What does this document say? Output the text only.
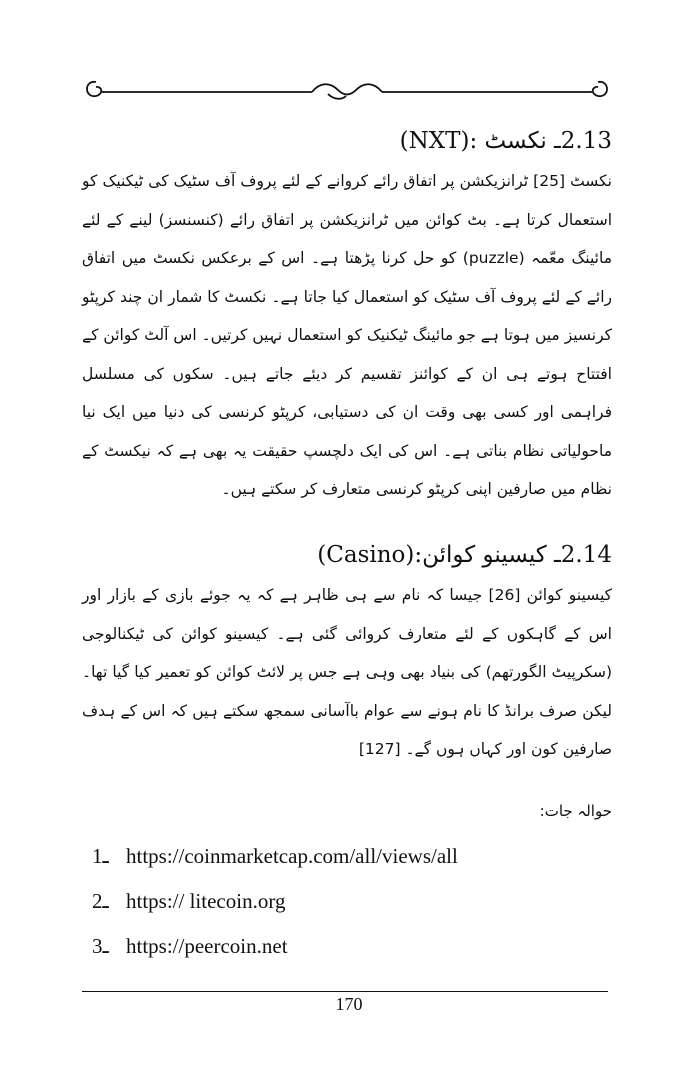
2.13ـ نکسٹ :(NXT)

نکسٹ [25] ٹرانزیکشن پر اتفاق رائے کروانے کے لئے پروف آف سٹیک کی ٹیکنیک کو استعمال کرتا ہے۔ بٹ کوائن میں ٹرانزیکشن پر اتفاق رائے (کنسنسز) لینے کے لئے مائینگ معّمہ (puzzle) کو حل کرنا پڑھتا ہے۔ اس کے برعکس نکسٹ میں اتفاق رائے کے لئے پروف آف سٹیک کو استعمال کیا جاتا ہے۔ نکسٹ کا شمار ان چند کرپٹو کرنسیز میں ہوتا ہے جو مائینگ ٹیکنیک کو استعمال نہیں کرتیں۔ اس آلٹ کوائن کے افتتاح ہوتے ہی ان کے کوائنز تقسیم کر دیئے جاتے ہیں۔ سکوں کی مسلسل فراہمی اور کسی بھی وقت ان کی دستیابی، کرپٹو کرنسی کی دنیا میں ایک نیا ماحولیاتی نظام بناتی ہے۔ اس کی ایک دلچسپ حقیقت یہ بھی ہے کہ نیکسٹ کے نظام میں صارفین اپنی کرپٹو کرنسی متعارف کر سکتے ہیں۔

2.14ـ کیسینو کوائن:(Casino)

کیسینو کوائن [26] جیسا کہ نام سے ہی ظاہر ہے کہ یہ جوئے بازی کے بازار اور اس کے گاہکوں کے لئے متعارف کروائی گئی ہے۔ کیسینو کوائن کی ٹیکنالوجی (سکرپیٹ الگورتھم) کی بنیاد بھی وہی ہے جس پر لائٹ کوائن کو تعمیر کیا گیا تھا۔ لیکن صرف برانڈ کا نام ہونے سے عوام باآسانی سمجھ سکتے ہیں کہ اس کے ہدف صارفین کون اور کہاں ہوں گے۔ [127]

حوالہ جات:
1ـ https://coinmarketcap.com/all/views/all
2ـ https:// litecoin.org
3ـ https://peercoin.net
170
